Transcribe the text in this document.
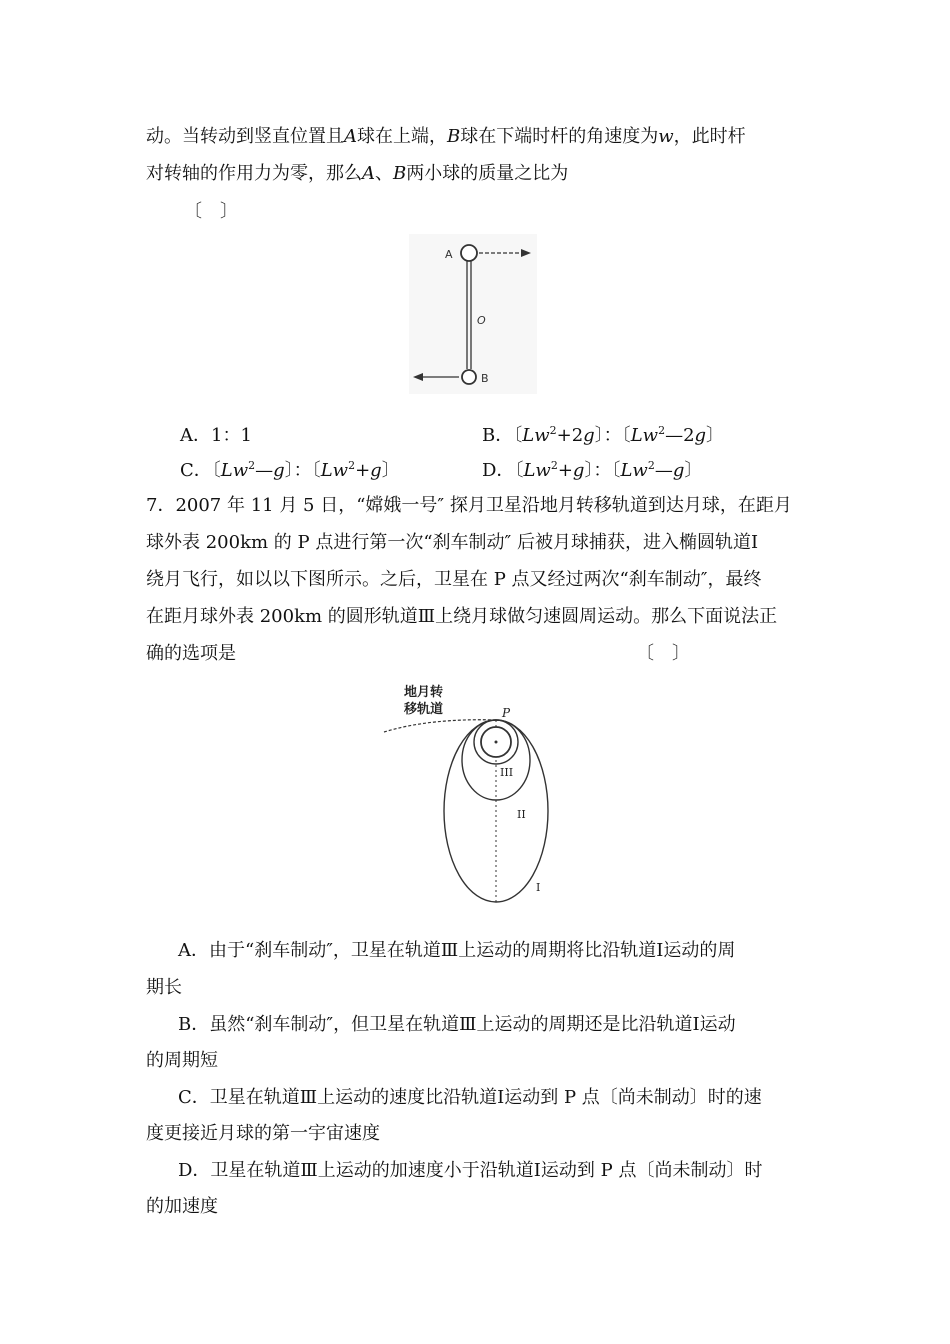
动。当转动到竖直位置且A球在上端，B球在下端时杆的角速度为w，此时杆
对转轴的作用力为零，那么A、B两小球的质量之比为
〔　〕
A
O
B
A．1：1	B．〔$Lw^2+2g$〕：〔Lw$^2$—2g〕
C．〔Lw$^2$—g〕：〔$Lw^2+g$〕	D．〔$Lw^2+g$〕：〔Lw$^2$—g〕
7．2007 年 11 月 5 日，“嫦娥一号″ 探月卫星沿地月转移轨道到达月球，在距月
球外表 200km 的 P 点进行第一次“刹车制动″ 后被月球捕获，进入椭圆轨道Ⅰ
绕月飞行，如以以下图所示。之后，卫星在 P 点又经过两次“刹车制动″，最终
在距月球外表 200km 的圆形轨道Ⅲ上绕月球做匀速圆周运动。那么下面说法正
确的选项是	〔　〕
地月转
移轨道	P
III
II
I
A．由于“刹车制动″，卫星在轨道Ⅲ上运动的周期将比沿轨道Ⅰ运动的周
期长
B．虽然“刹车制动″，但卫星在轨道Ⅲ上运动的周期还是比沿轨道Ⅰ运动
的周期短
C．卫星在轨道Ⅲ上运动的速度比沿轨道Ⅰ运动到 P 点〔尚未制动〕时的速
度更接近月球的第一宇宙速度
D．卫星在轨道Ⅲ上运动的加速度小于沿轨道Ⅰ运动到 P 点〔尚未制动〕时
的加速度
